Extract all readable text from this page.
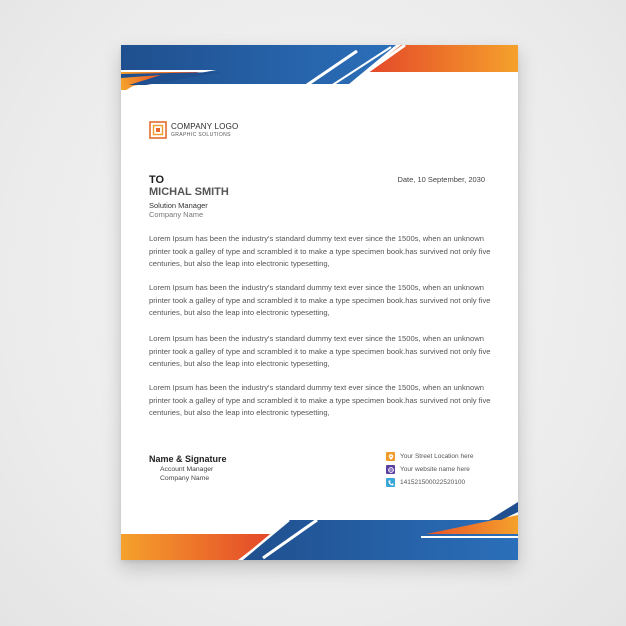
COMPANY LOGO
GRAPHIC SOLUTIONS
TO
MICHAL SMITH
Solution Manager
Company Name
Date, 10 September, 2030

Lorem Ipsum has been the industry's standard dummy text ever since the 1500s, when an unknown printer took a galley of type and scrambled it to make a type specimen book.has survived not only five centuries, but also the leap into electronic typesetting,

Lorem Ipsum has been the industry's standard dummy text ever since the 1500s, when an unknown printer took a galley of type and scrambled it to make a type specimen book.has survived not only five centuries, but also the leap into electronic typesetting,

Lorem Ipsum has been the industry's standard dummy text ever since the 1500s, when an unknown printer took a galley of type and scrambled it to make a type specimen book.has survived not only five centuries, but also the leap into electronic typesetting,

Lorem Ipsum has been the industry's standard dummy text ever since the 1500s, when an unknown printer took a galley of type and scrambled it to make a type specimen book.has survived not only five centuries, but also the leap into electronic typesetting,

Name & Signature
Account Manager
Company Name
Your Street Location here
Your website name here
14152150002252010​0
